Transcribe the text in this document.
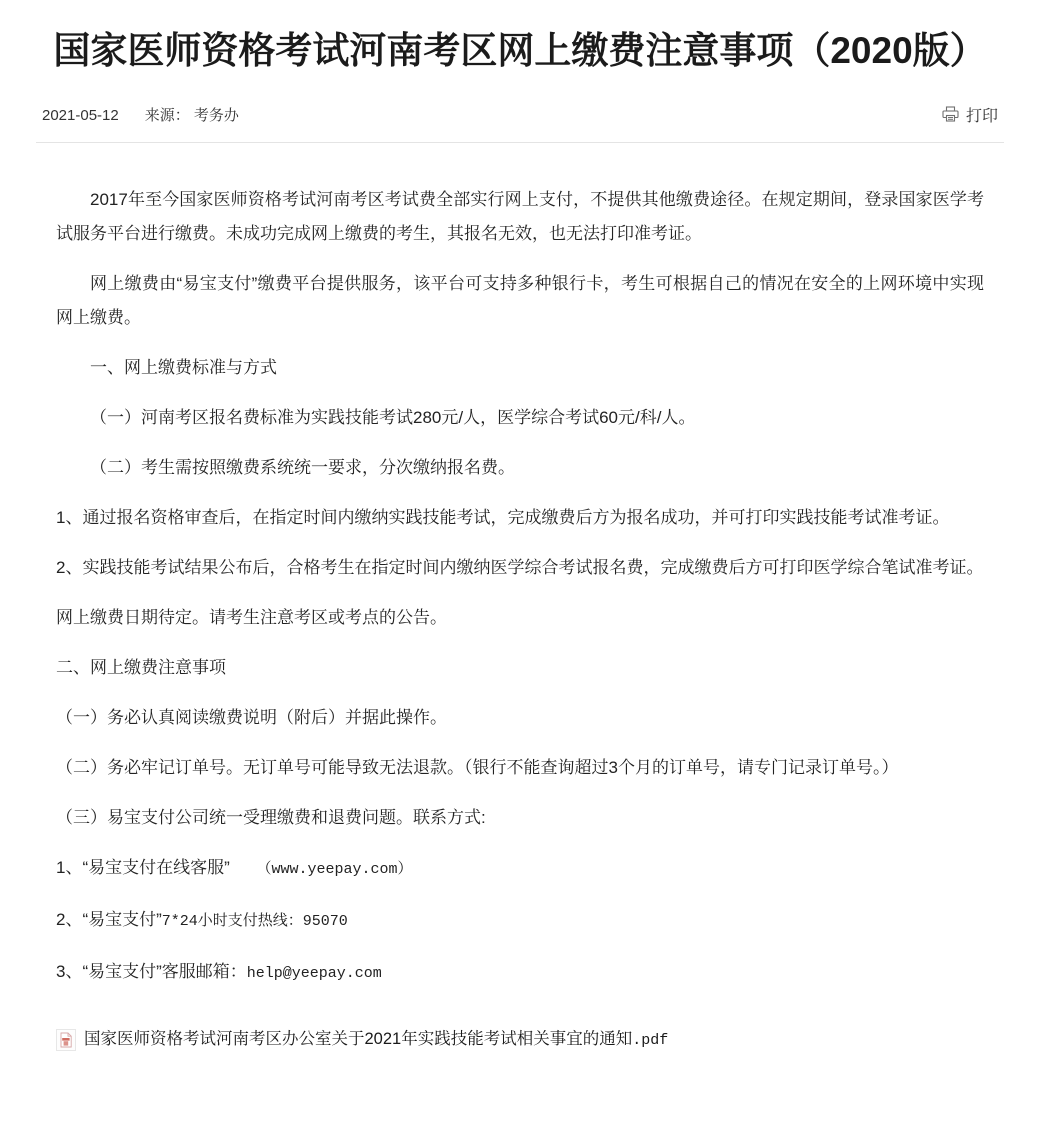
国家医师资格考试河南考区网上缴费注意事项（2020版）
2021-05-12 来源： 考务办	打印

2017年至今国家医师资格考试河南考区考试费全部实行网上支付，不提供其他缴费途径。在规定期间，登录国家医学考试服务平台进行缴费。未成功完成网上缴费的考生，其报名无效，也无法打印准考证。

网上缴费由“易宝支付”缴费平台提供服务，该平台可支持多种银行卡，考生可根据自己的情况在安全的上网环境中实现网上缴费。

一、网上缴费标准与方式

（一）河南考区报名费标准为实践技能考试280元/人，医学综合考试60元/科/人。

（二）考生需按照缴费系统统一要求，分次缴纳报名费。

1、通过报名资格审查后，在指定时间内缴纳实践技能考试，完成缴费后方为报名成功，并可打印实践技能考试准考证。

2、实践技能考试结果公布后，合格考生在指定时间内缴纳医学综合考试报名费，完成缴费后方可打印医学综合笔试准考证。

网上缴费日期待定。请考生注意考区或考点的公告。

二、网上缴费注意事项

（一）务必认真阅读缴费说明（附后）并据此操作。

（二）务必牢记订单号。无订单号可能导致无法退款。（银行不能查询超过3个月的订单号，请专门记录订单号。）

（三）易宝支付公司统一受理缴费和退费问题。联系方式:

1、“易宝支付在线客服” （www.yeepay.com）

2、“易宝支付”7*24小时支付热线：95070

3、“易宝支付”客服邮箱：help@yeepay.com

国家医师资格考试河南考区办公室关于2021年实践技能考试相关事宜的通知.pdf
